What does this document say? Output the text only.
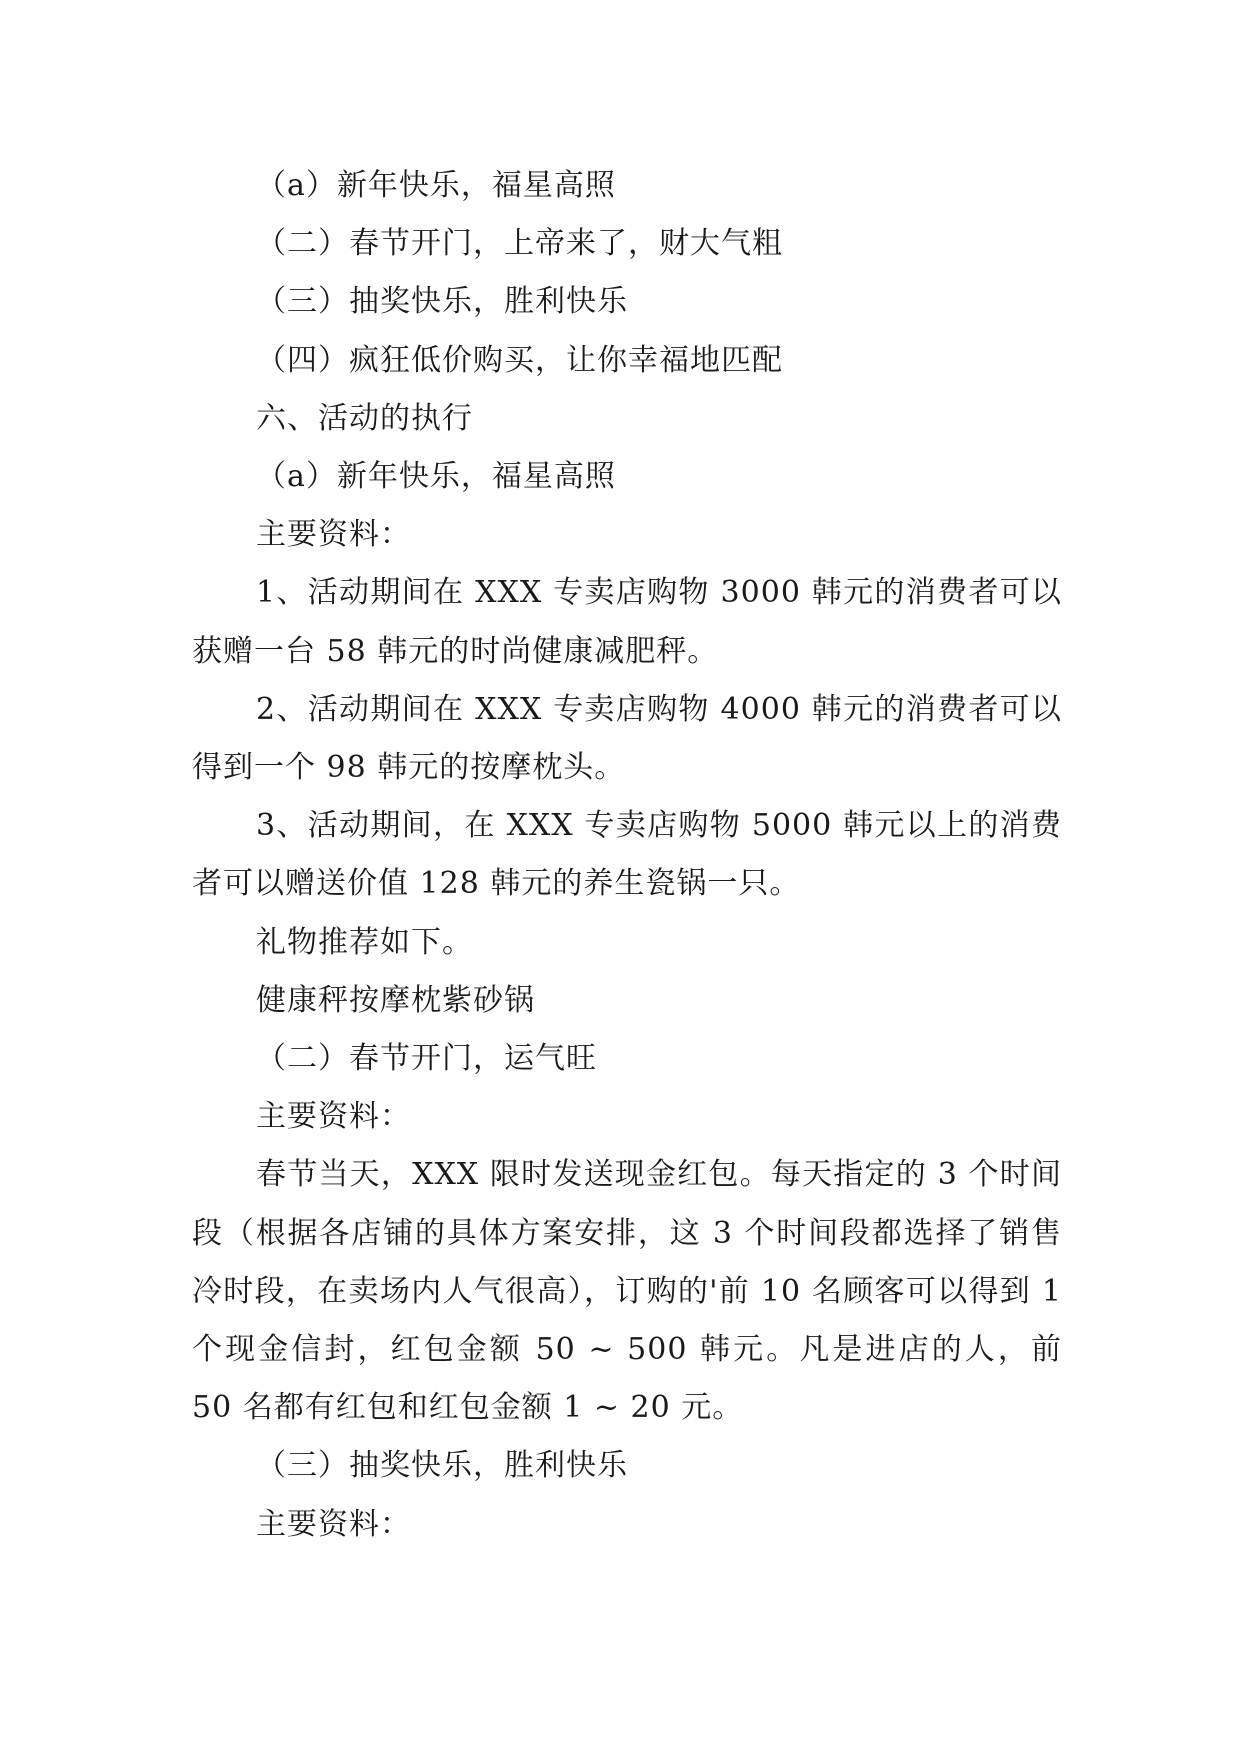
（a）新年快乐，福星高照

（二）春节开门，上帝来了，财大气粗

（三）抽奖快乐，胜利快乐

（四）疯狂低价购买，让你幸福地匹配

六、活动的执行

（a）新年快乐，福星高照

主要资料：

1、活动期间在 XXX 专卖店购物 3000 韩元的消费者可以获赠一台 58 韩元的时尚健康减肥秤。

2、活动期间在 XXX 专卖店购物 4000 韩元的消费者可以得到一个 98 韩元的按摩枕头。

3、活动期间，在 XXX 专卖店购物 5000 韩元以上的消费者可以赠送价值 128 韩元的养生瓷锅一只。

礼物推荐如下。

健康秤按摩枕紫砂锅

（二）春节开门，运气旺

主要资料：

春节当天，XXX 限时发送现金红包。每天指定的 3 个时间段（根据各店铺的具体方案安排，这 3 个时间段都选择了销售冷时段，在卖场内人气很高），订购的'前 10 名顾客可以得到 1 个现金信封，红包金额 50 ~ 500 韩元。凡是进店的人，前 50 名都有红包和红包金额 1 ~ 20 元。

（三）抽奖快乐，胜利快乐

主要资料：
